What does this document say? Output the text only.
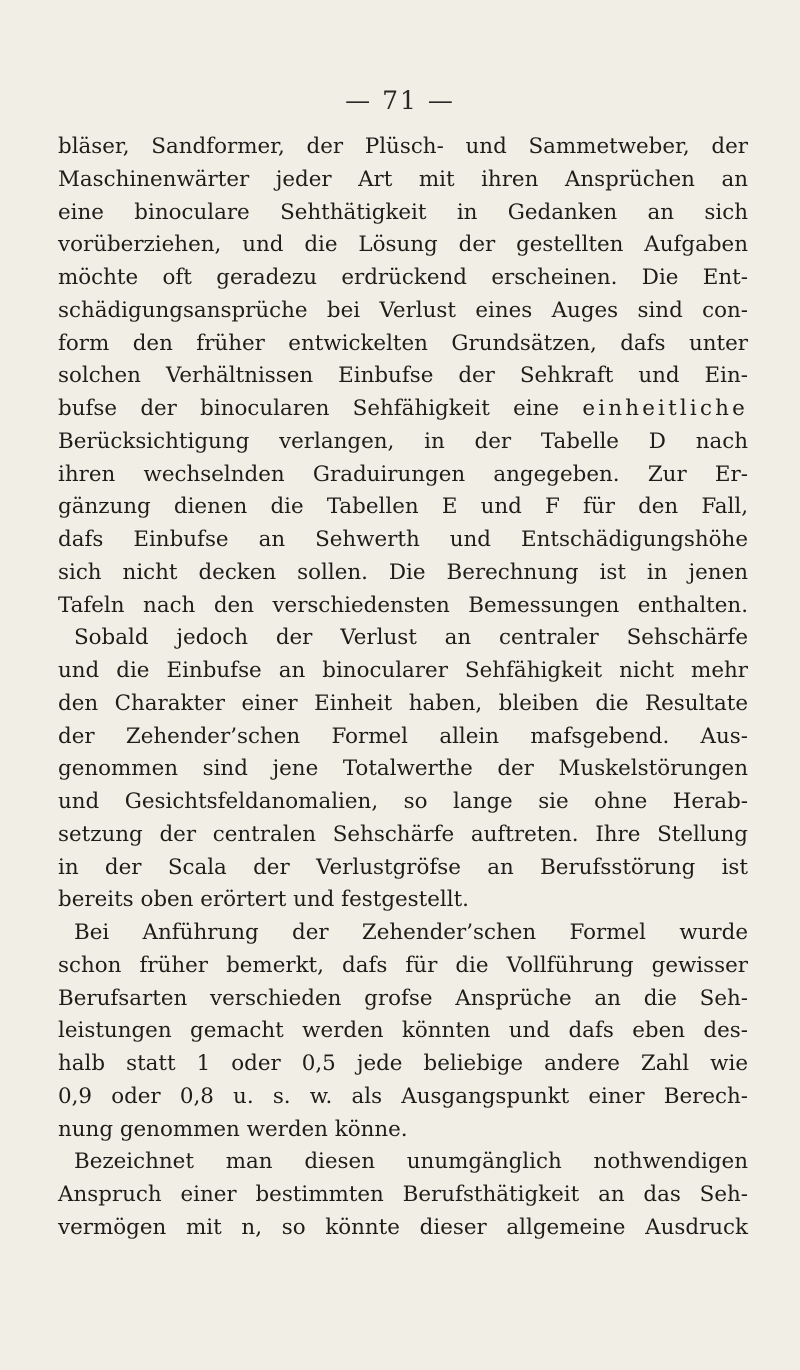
— 71 —
bläser, Sandformer, der Plüsch- und Sammetweber, der
Maschinenwärter jeder Art mit ihren Ansprüchen an
eine binoculare Sehthätigkeit in Gedanken an sich
vorüberziehen, und die Lösung der gestellten Aufgaben
möchte oft geradezu erdrückend erscheinen. Die Ent-
schädigungsansprüche bei Verlust eines Auges sind con-
form den früher entwickelten Grundsätzen, dafs unter
solchen Verhältnissen Einbufse der Sehkraft und Ein-
bufse der binocularen Sehfähigkeit eine einheitliche
Berücksichtigung verlangen, in der Tabelle D nach
ihren wechselnden Graduirungen angegeben. Zur Er-
gänzung dienen die Tabellen E und F für den Fall,
dafs Einbufse an Sehwerth und Entschädigungshöhe
sich nicht decken sollen. Die Berechnung ist in jenen
Tafeln nach den verschiedensten Bemessungen enthalten.
Sobald jedoch der Verlust an centraler Sehschärfe
und die Einbufse an binocularer Sehfähigkeit nicht mehr
den Charakter einer Einheit haben, bleiben die Resultate
der Zehender’schen Formel allein mafsgebend. Aus-
genommen sind jene Totalwerthe der Muskelstörungen
und Gesichtsfeldanomalien, so lange sie ohne Herab-
setzung der centralen Sehschärfe auftreten. Ihre Stellung
in der Scala der Verlustgröfse an Berufsstörung ist
bereits oben erörtert und festgestellt.
Bei Anführung der Zehender’schen Formel wurde
schon früher bemerkt, dafs für die Vollführung gewisser
Berufsarten verschieden grofse Ansprüche an die Seh-
leistungen gemacht werden könnten und dafs eben des-
halb statt 1 oder 0,5 jede beliebige andere Zahl wie
0,9 oder 0,8 u. s. w. als Ausgangspunkt einer Berech-
nung genommen werden könne.
Bezeichnet man diesen unumgänglich nothwendigen
Anspruch einer bestimmten Berufsthätigkeit an das Seh-
vermögen mit n, so könnte dieser allgemeine Ausdruck
